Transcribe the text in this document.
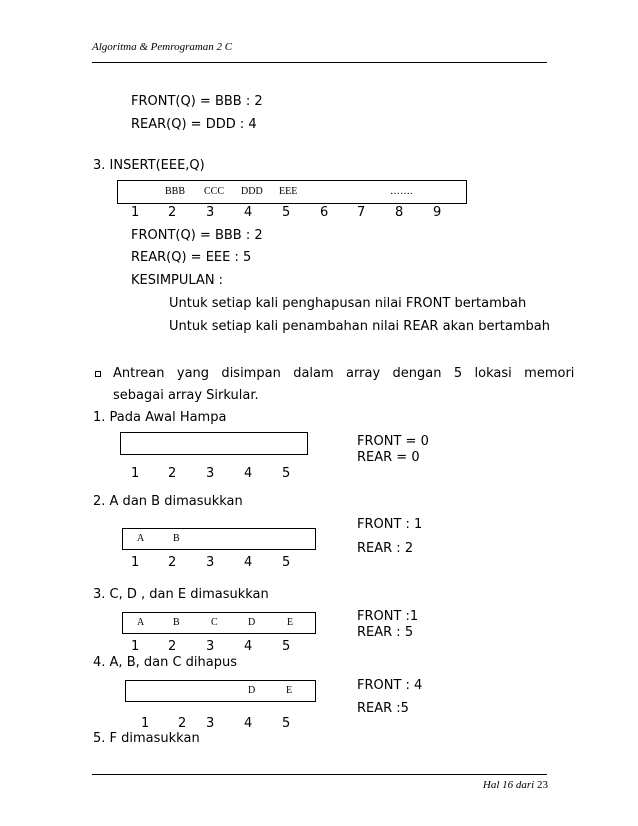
Algoritma & Pemrograman 2 C
FRONT(Q) = BBB : 2
REAR(Q) = DDD : 4
3. INSERT(EEE,Q)
BBB CCC DDD EEE	…….
1 2 3 4 5 6 7 8 9
FRONT(Q) = BBB : 2
REAR(Q) = EEE : 5
KESIMPULAN :
Untuk setiap kali penghapusan nilai FRONT bertambah
Untuk setiap kali penambahan nilai REAR akan bertambah
Antrean   yang   disimpan   dalam   array   dengan   5   lokasi   memori
sebagai array Sirkular.
1. Pada Awal Hampa
FRONT = 0
REAR = 0
1 2 3 4 5
2. A dan B dimasukkan
FRONT : 1
A	B
REAR : 2
1 2 3 4 5
3. C, D , dan E dimasukkan
FRONT :1
A	B	C	D	E
REAR : 5
1 2 3 4 5
4. A, B, dan C dihapus
FRONT : 4
D	E
REAR :5
1 2 3 4 5
5. F dimasukkan
Hal 16 dari 23
